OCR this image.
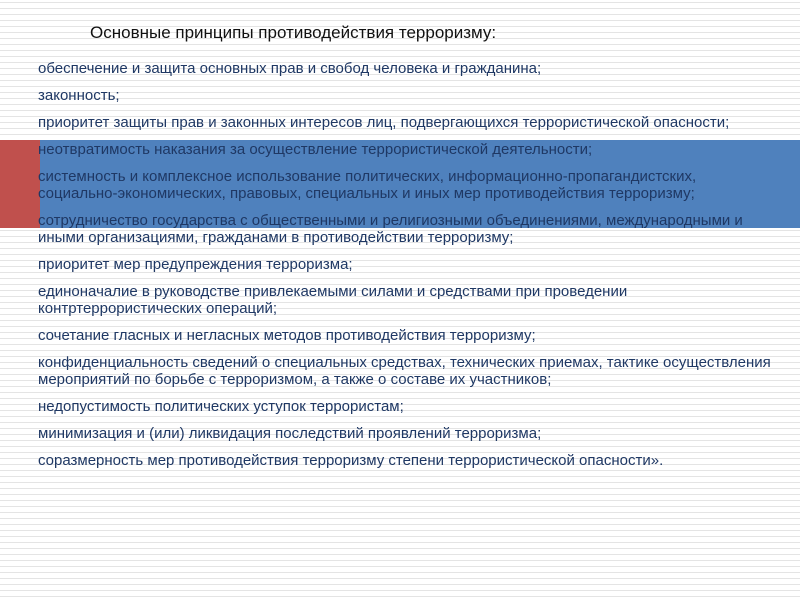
Основные принципы противодействия терроризму:
обеспечение и защита основных прав и свобод человека и гражданина;
законность;
приоритет защиты прав и законных интересов лиц, подвергающихся террористической опасности;
неотвратимость наказания за осуществление террористической деятельности;
системность и комплексное использование политических, информационно-пропагандистских, социально-экономических, правовых, специальных и иных мер противодействия терроризму;
сотрудничество государства с общественными и религиозными объединениями, международными и иными организациями, гражданами в противодействии терроризму;
приоритет мер предупреждения терроризма;
единоначалие в руководстве привлекаемыми силами и средствами при проведении контртеррористических операций;
сочетание гласных и негласных методов противодействия терроризму;
конфиденциальность сведений о специальных средствах, технических приемах, тактике осуществления мероприятий по борьбе с терроризмом, а также о составе их участников;
недопустимость политических уступок террористам;
минимизация и (или) ликвидация последствий проявлений терроризма;
соразмерность мер противодействия терроризму степени террористической опасности».
